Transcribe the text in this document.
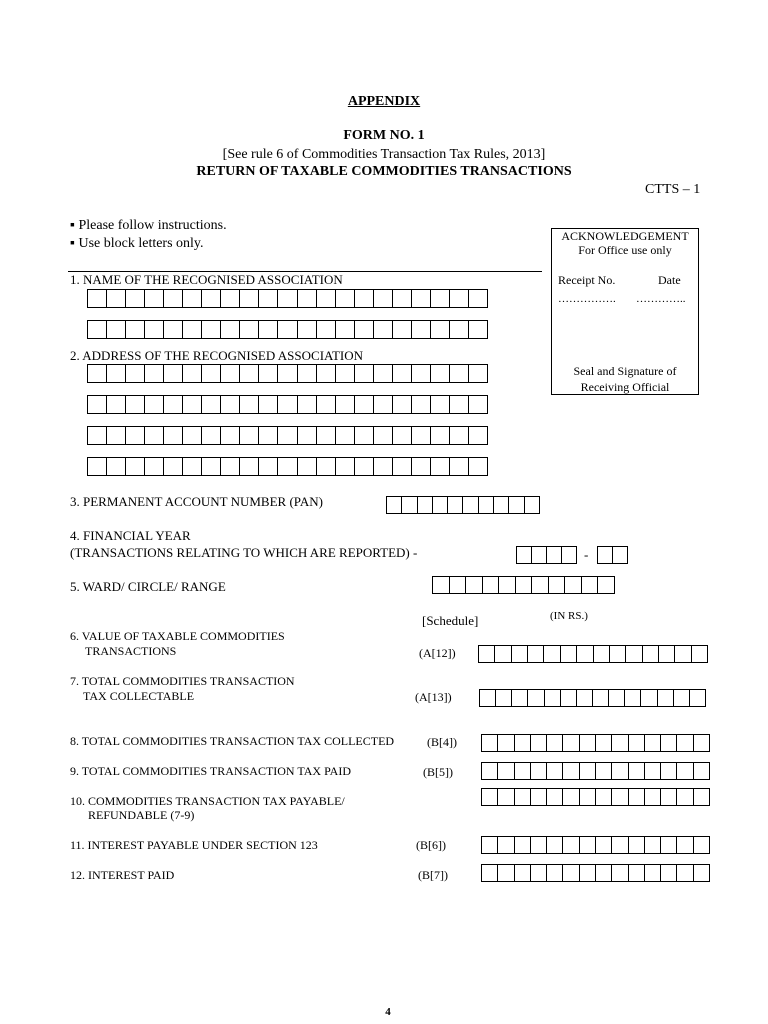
APPENDIX
FORM NO. 1
[See rule 6 of Commodities Transaction Tax Rules, 2013]
RETURN OF TAXABLE COMMODITIES TRANSACTIONS
CTTS – 1
▪ Please follow instructions.
▪ Use block letters only.	ACKNOWLEDGEMENT
For Office use only
Receipt No.	Date
……………. …………..
Seal and Signature of
Receiving Official
1. NAME OF THE RECOGNISED ASSOCIATION
2. ADDRESS OF THE RECOGNISED ASSOCIATION
3. PERMANENT ACCOUNT NUMBER (PAN)
4. FINANCIAL YEAR
(TRANSACTIONS RELATING TO WHICH ARE REPORTED) -	-
5. WARD/ CIRCLE/ RANGE
[Schedule]	(IN RS.)
6. VALUE OF TAXABLE COMMODITIES
TRANSACTIONS	(A[12])
7. TOTAL COMMODITIES TRANSACTION
TAX COLLECTABLE	(A[13])
8. TOTAL COMMODITIES TRANSACTION TAX COLLECTED	(B[4])
9. TOTAL COMMODITIES TRANSACTION TAX PAID	(B[5])
10. COMMODITIES TRANSACTION TAX PAYABLE/
REFUNDABLE (7-9)
11. INTEREST PAYABLE UNDER SECTION 123	(B[6])
12. INTEREST PAID	(B[7])
4
